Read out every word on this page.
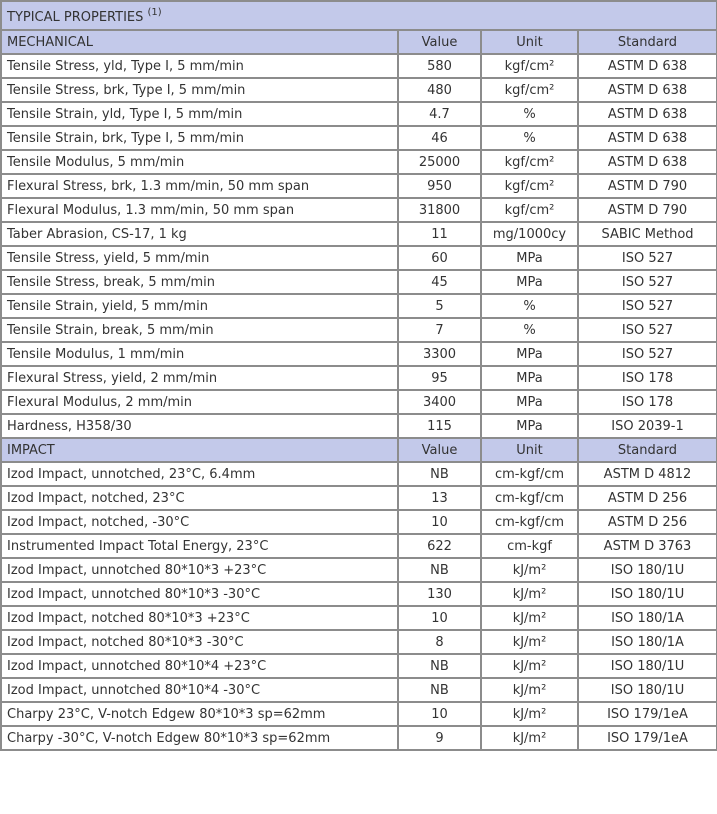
TYPICAL PROPERTIES $^{(1)}$
MECHANICAL	Value	Unit	Standard
Tensile Stress, yld, Type I, 5 mm/min	580	kgf/cm²	ASTM D 638
Tensile Stress, brk, Type I, 5 mm/min	480	kgf/cm²	ASTM D 638
Tensile Strain, yld, Type I, 5 mm/min	4.7	%	ASTM D 638
Tensile Strain, brk, Type I, 5 mm/min	46	%	ASTM D 638
Tensile Modulus, 5 mm/min	25000	kgf/cm²	ASTM D 638
Flexural Stress, brk, 1.3 mm/min, 50 mm span	950	kgf/cm²	ASTM D 790
Flexural Modulus, 1.3 mm/min, 50 mm span	31800	kgf/cm²	ASTM D 790
Taber Abrasion, CS-17, 1 kg	11	mg/1000cy	SABIC Method
Tensile Stress, yield, 5 mm/min	60	MPa	ISO 527
Tensile Stress, break, 5 mm/min	45	MPa	ISO 527
Tensile Strain, yield, 5 mm/min	5	%	ISO 527
Tensile Strain, break, 5 mm/min	7	%	ISO 527
Tensile Modulus, 1 mm/min	3300	MPa	ISO 527
Flexural Stress, yield, 2 mm/min	95	MPa	ISO 178
Flexural Modulus, 2 mm/min	3400	MPa	ISO 178
Hardness, H358/30	115	MPa	ISO 2039-1
IMPACT	Value	Unit	Standard
Izod Impact, unnotched, 23°C, 6.4mm	NB	cm-kgf/cm	ASTM D 4812
Izod Impact, notched, 23°C	13	cm-kgf/cm	ASTM D 256
Izod Impact, notched, -30°C	10	cm-kgf/cm	ASTM D 256
Instrumented Impact Total Energy, 23°C	622	cm-kgf	ASTM D 3763
Izod Impact, unnotched 80*10*3 +23°C	NB	kJ/m²	ISO 180/1U
Izod Impact, unnotched 80*10*3 -30°C	130	kJ/m²	ISO 180/1U
Izod Impact, notched 80*10*3 +23°C	10	kJ/m²	ISO 180/1A
Izod Impact, notched 80*10*3 -30°C	8	kJ/m²	ISO 180/1A
Izod Impact, unnotched 80*10*4 +23°C	NB	kJ/m²	ISO 180/1U
Izod Impact, unnotched 80*10*4 -30°C	NB	kJ/m²	ISO 180/1U
Charpy 23°C, V-notch Edgew 80*10*3 sp=62mm	10	kJ/m²	ISO 179/1eA
Charpy -30°C, V-notch Edgew 80*10*3 sp=62mm	9	kJ/m²	ISO 179/1eA
